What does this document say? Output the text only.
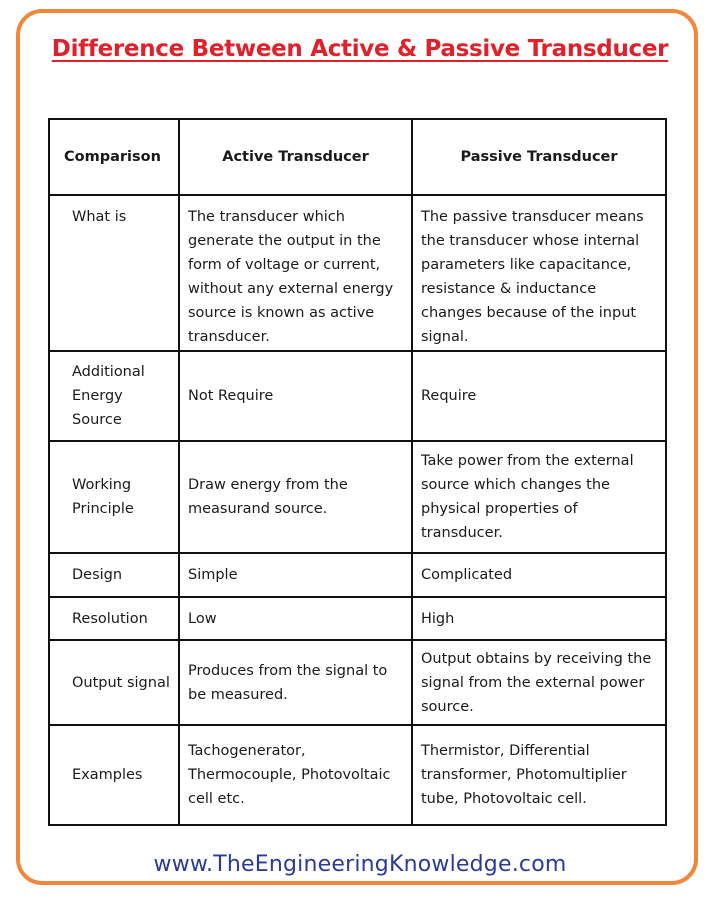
Difference Between Active & Passive Transducer
Comparison	Active Transducer	Passive Transducer
What is	The transducer which generate the output in the form of voltage or current, without any external energy source is known as active transducer.	The passive transducer means the transducer whose internal parameters like capacitance, resistance & inductance changes because of the input signal.
Additional Energy Source	Not Require	Require
Working Principle	Draw energy from the measurand source.	Take power from the external source which changes the physical properties of transducer.
Design	Simple	Complicated
Resolution	Low	High
Output signal	Produces from the signal to be measured.	Output obtains by receiving the signal from the external power source.
Examples	Tachogenerator, Thermocouple, Photovoltaic cell etc.	Thermistor, Differential transformer, Photomultiplier tube, Photovoltaic cell.

www.TheEngineeringKnowledge.com
